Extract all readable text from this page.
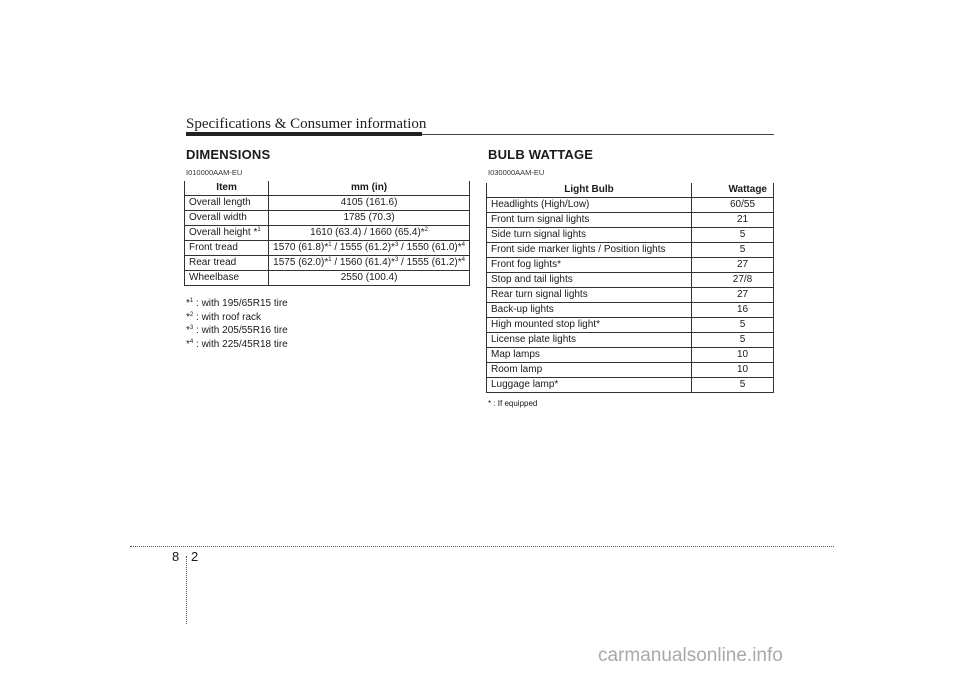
Specifications & Consumer information
DIMENSIONS
I010000AAM-EU
Item	mm (in)
Overall length	4105 (161.6)
Overall width	1785 (70.3)
Overall height *$^1$	1610 (63.4) / 1660 (65.4)*$^2$
Front tread	1570 (61.8)*$^1$ / 1555 (61.2)*$^3$ / 1550 (61.0)*$^4$
Rear tread	1575 (62.0)*$^1$ / 1560 (61.4)*$^3$ / 1555 (61.2)*$^4$
Wheelbase	2550 (100.4)
*$^1$ : with 195/65R15 tire
*$^2$ : with roof rack
*$^3$ : with 205/55R16 tire
*$^4$ : with 225/45R18 tire
BULB WATTAGE
I030000AAM-EU
Light Bulb	Wattage
Headlights (High/Low)	60/55
Front turn signal lights	21
Side turn signal lights	5
Front side marker lights / Position lights	5
Front fog lights*	27
Stop and tail lights	27/8
Rear turn signal lights	27
Back-up lights	16
High mounted stop light*	5
License plate lights	5
Map lamps	10
Room lamp	10
Luggage lamp*	5
* : If equipped
8 2
carmanualsonline.info
